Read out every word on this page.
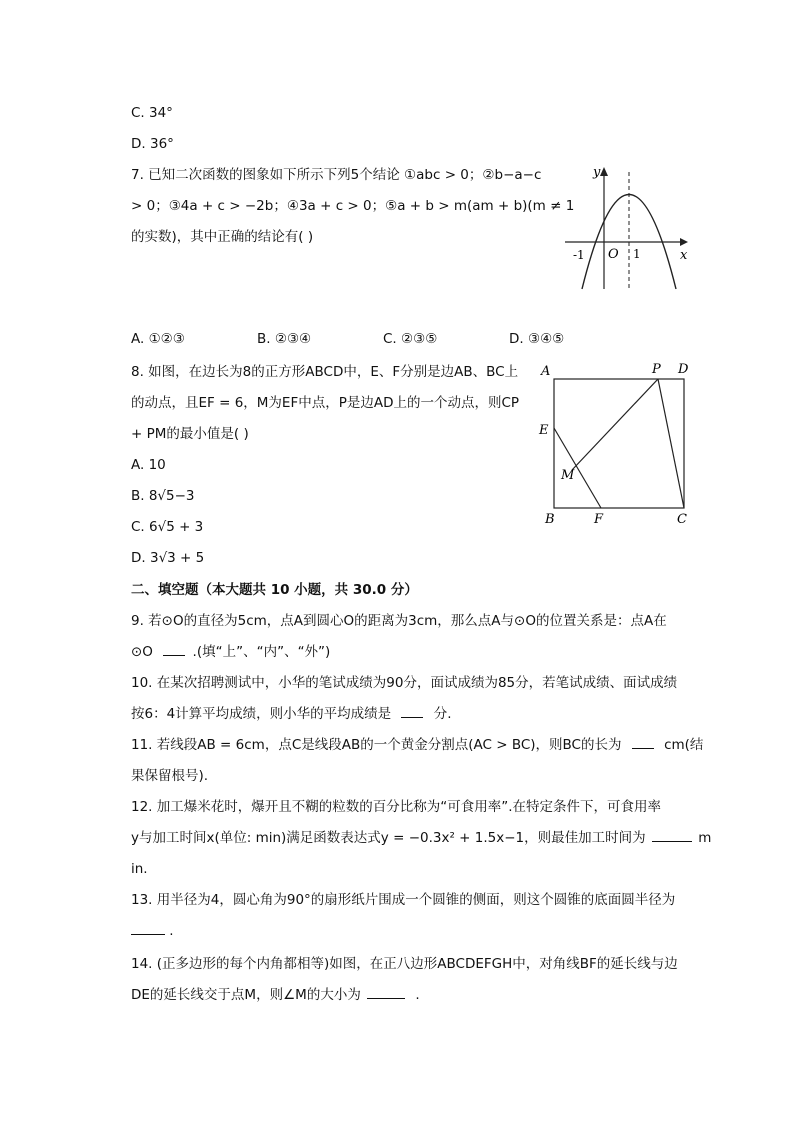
C. 34°
D. 36°
7. 已知二次函数的图象如下所示下列5个结论 ①abc > 0；②b−a−c
> 0；③4a + c > −2b；④3a + c > 0；⑤a + b > m(am + b)(m ≠ 1
的实数)，其中正确的结论有( )
y
x
O
-1	1
A. ①②③	B. ②③④	C. ②③⑤	D. ③④⑤
8. 如图，在边长为8的正方形ABCD中，E、F分别是边AB、BC上
的动点，且EF = 6，M为EF中点，P是边AD上的一个动点，则CP
+ PM的最小值是( )
A. 10
B. 8√5−3
C. 6√5 + 3
D. 3√3 + 5
A	P D
E
M
B	F	C
二、填空题（本大题共 10 小题，共 30.0 分）
9. 若⊙O的直径为5cm，点A到圆心O的距离为3cm，那么点A与⊙O的位置关系是：点A在
⊙O	.(填“上”、“内”、“外”)
10. 在某次招聘测试中，小华的笔试成绩为90分，面试成绩为85分，若笔试成绩、面试成绩
按6：4计算平均成绩，则小华的平均成绩是	分.
11. 若线段AB = 6cm，点C是线段AB的一个黄金分割点(AC > BC)，则BC的长为	cm(结
果保留根号).
12. 加工爆米花时，爆开且不糊的粒数的百分比称为“可食用率”.在特定条件下，可食用率
y与加工时间x(单位: min)满足函数表达式y = −0.3x² + 1.5x−1，则最佳加工时间为	m
in.
13. 用半径为4，圆心角为90°的扇形纸片围成一个圆锥的侧面，则这个圆锥的底面圆半径为
.
14. (正多边形的每个内角都相等)如图，在正八边形ABCDEFGH中，对角线BF的延长线与边
DE的延长线交于点M，则∠M的大小为	.
